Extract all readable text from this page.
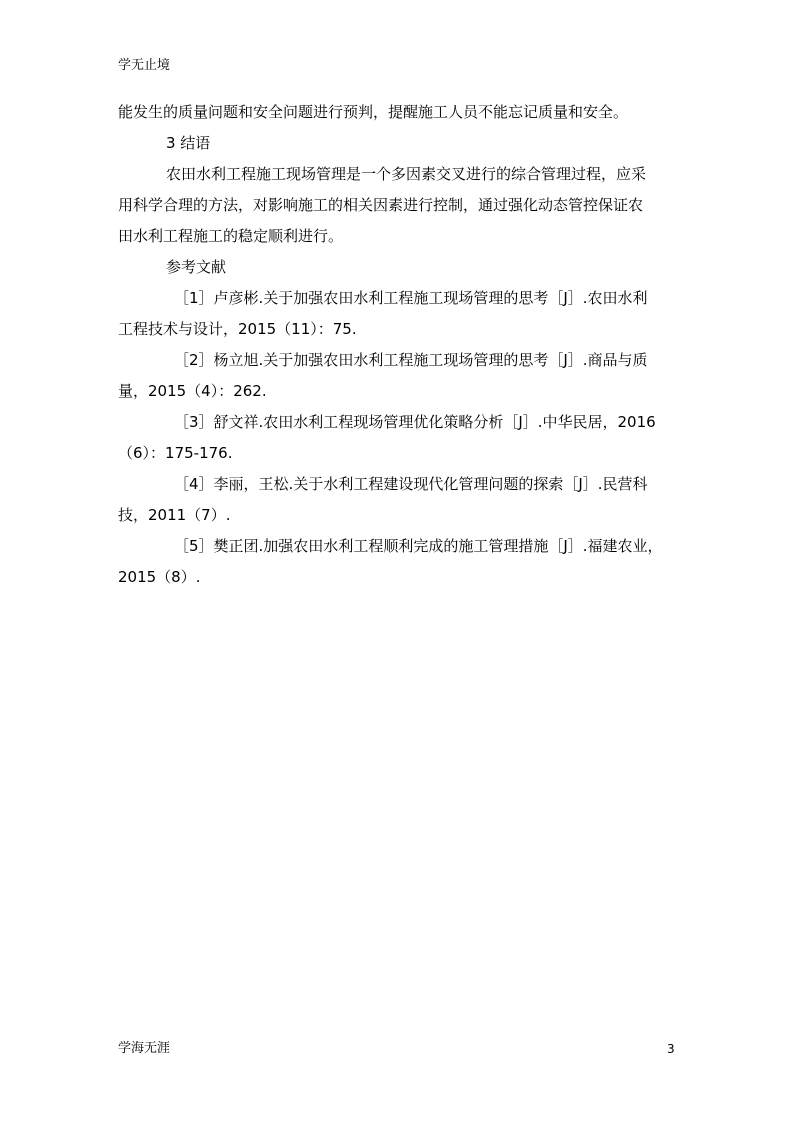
学无止境
能发生的质量问题和安全问题进行预判，提醒施工人员不能忘记质量和安全。
3 结语
农田水利工程施工现场管理是一个多因素交叉进行的综合管理过程，应采
用科学合理的方法，对影响施工的相关因素进行控制，通过强化动态管控保证农
田水利工程施工的稳定顺利进行。
参考文献
［1］卢彦彬.关于加强农田水利工程施工现场管理的思考［J］.农田水利
工程技术与设计，2015（11）：75.
［2］杨立旭.关于加强农田水利工程施工现场管理的思考［J］.商品与质
量，2015（4）：262.
［3］舒文祥.农田水利工程现场管理优化策略分析［J］.中华民居，2016
（6）：175-176.
［4］李丽，王松.关于水利工程建设现代化管理问题的探索［J］.民营科
技，2011（7）.
［5］樊正团.加强农田水利工程顺利完成的施工管理措施［J］.福建农业，
2015（8）.
学海无涯	3
